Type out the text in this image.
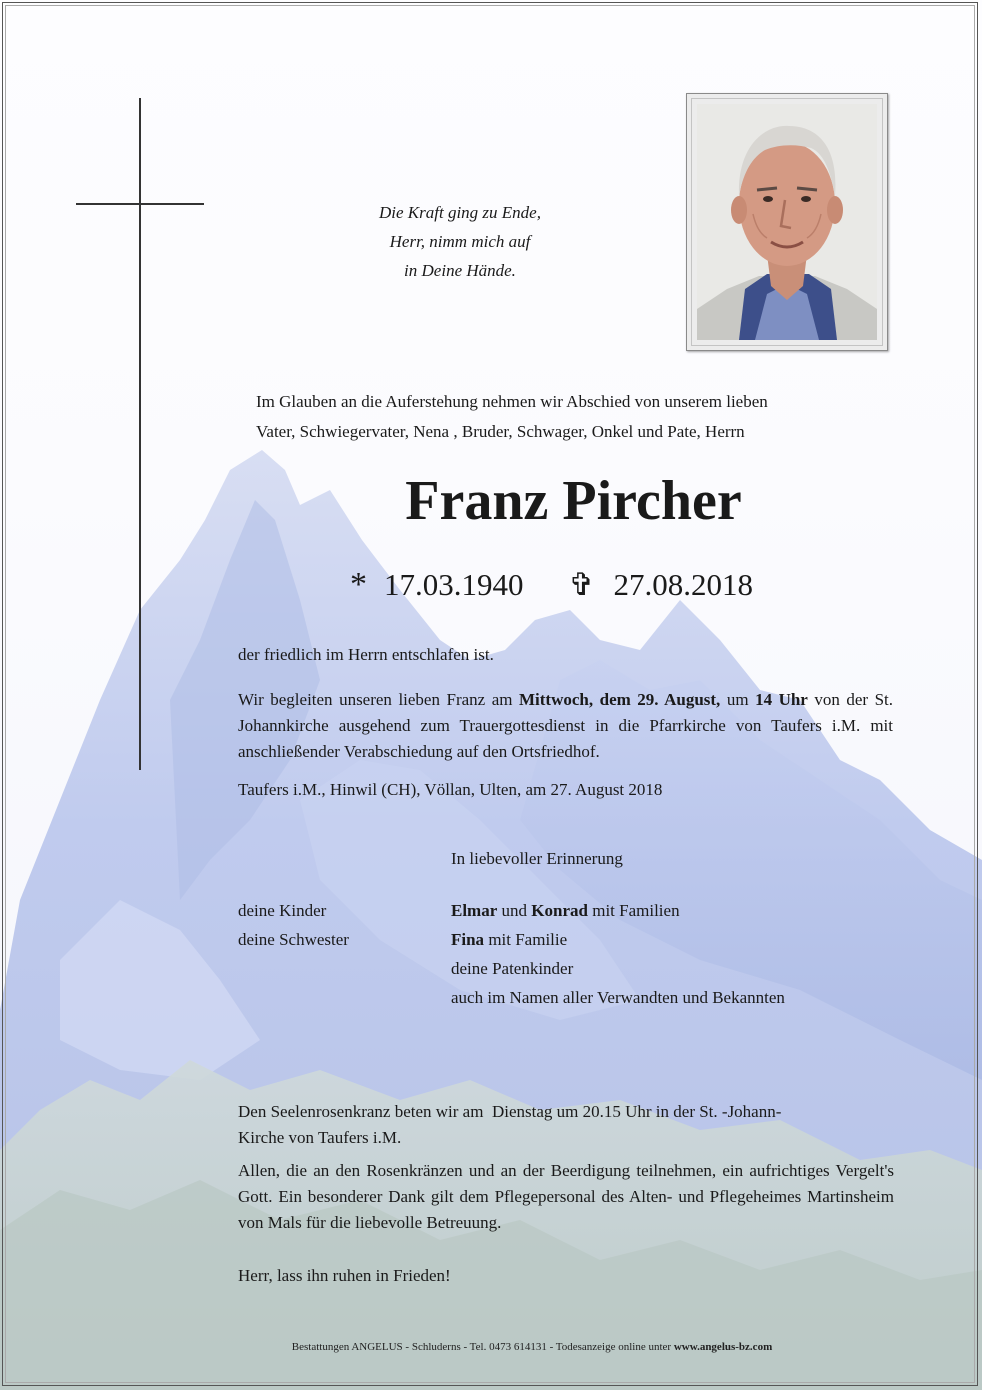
Die Kraft ging zu Ende,
Herr, nimm mich auf
in Deine Hände.
Im Glauben an die Auferstehung nehmen wir Abschied von unserem lieben
Vater, Schwiegervater, Nena , Bruder, Schwager, Onkel und Pate, Herrn
Franz Pircher
* 17.03.1940 ✞ 27.08.2018
der friedlich im Herrn entschlafen ist.
Wir begleiten unseren lieben Franz am Mittwoch, dem 29. August, um 14 Uhr von der St. Johannkirche ausgehend zum Trauergottesdienst in die Pfarrkirche von Taufers i.M. mit anschließender Verabschiedung auf den Ortsfriedhof.
Taufers i.M., Hinwil (CH), Völlan, Ulten, am 27. August 2018
In liebevoller Erinnerung
deine Kinder	Elmar und Konrad mit Familien
deine Schwester	Fina mit Familie
deine Patenkinder
auch im Namen aller Verwandten und Bekannten
Den Seelenrosenkranz beten wir am  Dienstag um 20.15 Uhr in der St. -Johann-
Kirche von Taufers i.M.
Allen, die an den Rosenkränzen und an der Beerdigung teilnehmen, ein aufrichtiges Vergelt's Gott. Ein besonderer Dank gilt dem Pflegepersonal des Alten- und Pflegeheimes Martinsheim von Mals für die liebevolle Betreuung.
Herr, lass ihn ruhen in Frieden!
Bestattungen ANGELUS - Schluderns - Tel. 0473 614131 - Todesanzeige online unter www.angelus-bz.com
